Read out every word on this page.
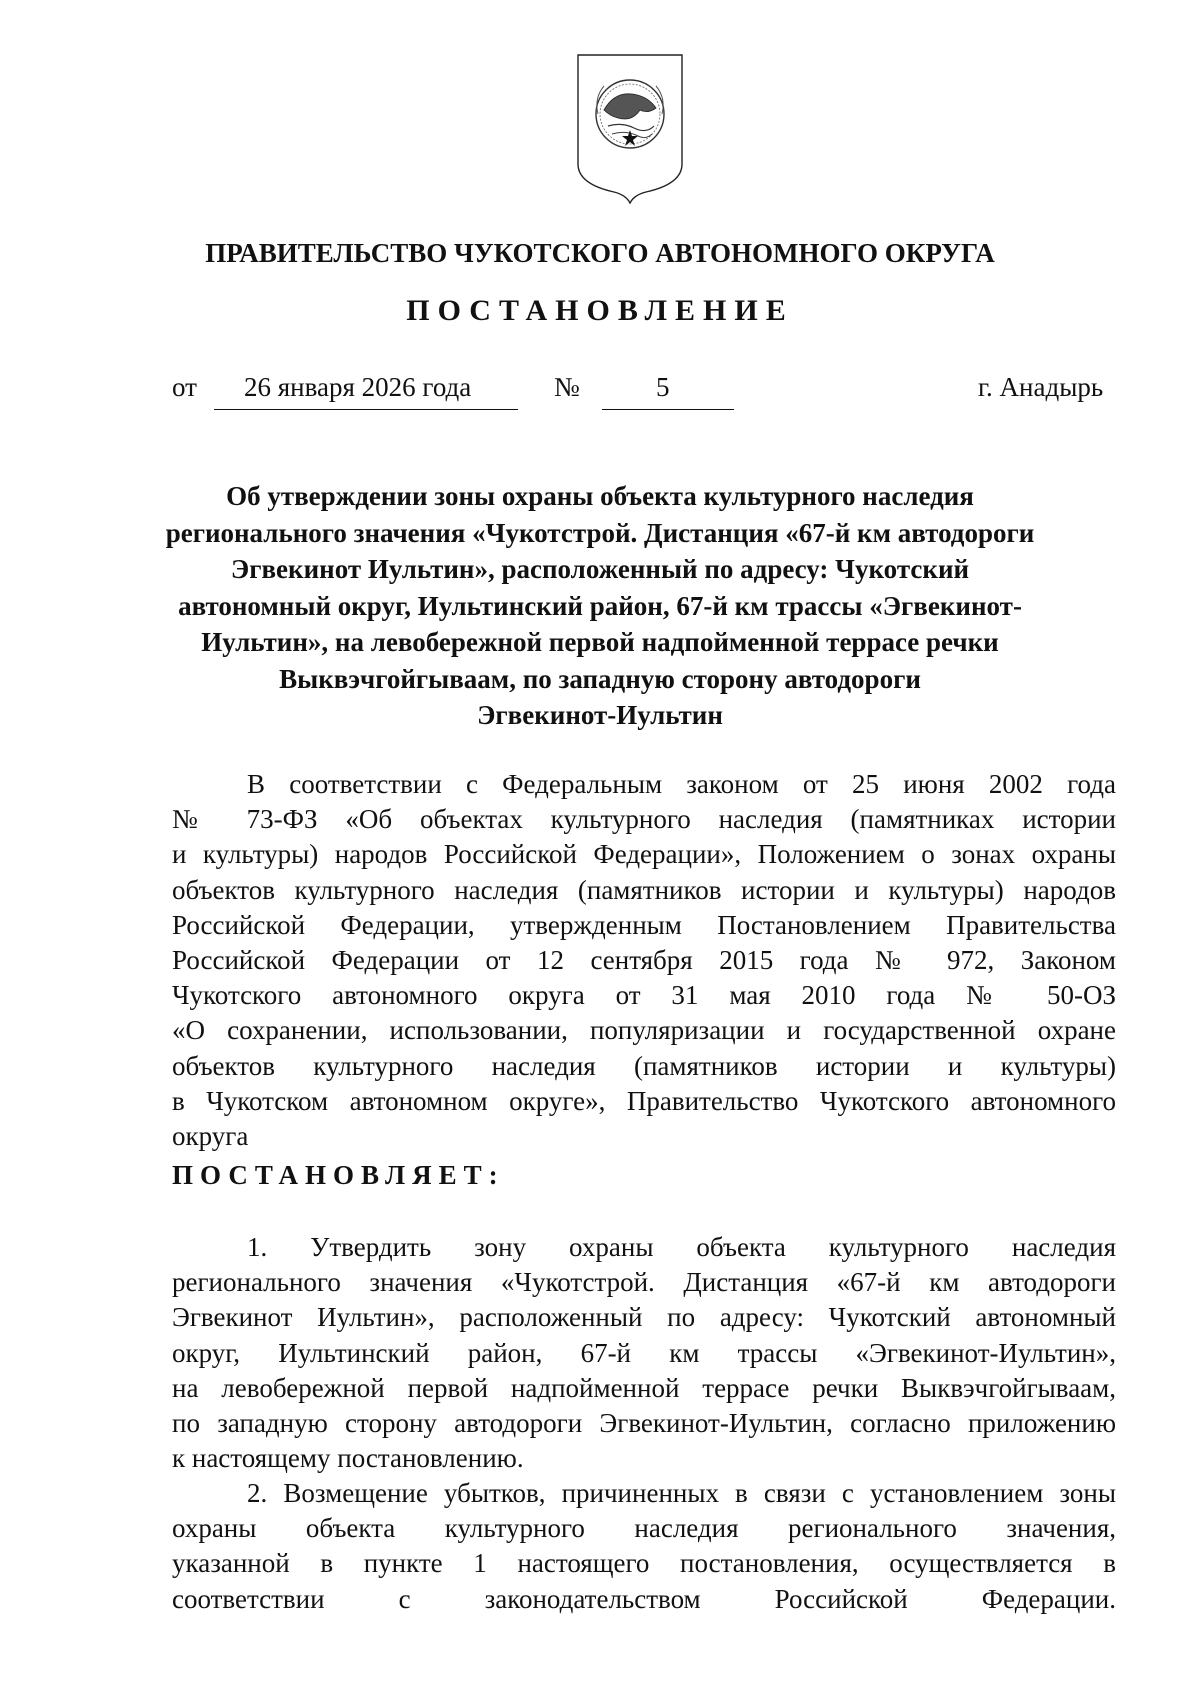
ПРАВИТЕЛЬСТВО ЧУКОТСКОГО АВТОНОМНОГО ОКРУГА
ПОСТАНОВЛЕНИЕ
от 26 января 2026 года	№	5	г. Анадырь
Об утверждении зоны охраны объекта культурного наследия
регионального значения «Чукотстрой. Дистанция «67-й км автодороги
Эгвекинот Иультин», расположенный по адресу: Чукотский
автономный округ, Иультинский район, 67-й км трассы «Эгвекинот-
Иультин», на левобережной первой надпойменной террасе речки
Выквэчгойгываам, по западную сторону автодороги
Эгвекинот-Иультин
В соответствии с Федеральным законом от 25 июня 2002 года
№ 73-ФЗ «Об объектах культурного наследия (памятниках истории
и культуры) народов Российской Федерации», Положением о зонах охраны
объектов культурного наследия (памятников истории и культуры) народов
Российской Федерации, утвержденным Постановлением Правительства
Российской Федерации от 12 сентября 2015 года № 972, Законом
Чукотского автономного округа от 31 мая 2010 года № 50-ОЗ
«О сохранении, использовании, популяризации и государственной охране
объектов культурного наследия (памятников истории и культуры)
в Чукотском автономном округе», Правительство Чукотского автономного
округа
ПОСТАНОВЛЯЕТ:
1. Утвердить зону охраны объекта культурного наследия
регионального значения «Чукотстрой. Дистанция «67-й км автодороги
Эгвекинот Иультин», расположенный по адресу: Чукотский автономный
округ, Иультинский район, 67-й км трассы «Эгвекинот-Иультин»,
на левобережной первой надпойменной террасе речки Выквэчгойгываам,
по западную сторону автодороги Эгвекинот-Иультин, согласно приложению
к настоящему постановлению.
2. Возмещение убытков, причиненных в связи с установлением зоны
охраны объекта культурного наследия регионального значения,
указанной в пункте 1 настоящего постановления, осуществляется в
соответствии с законодательством Российской Федерации.
